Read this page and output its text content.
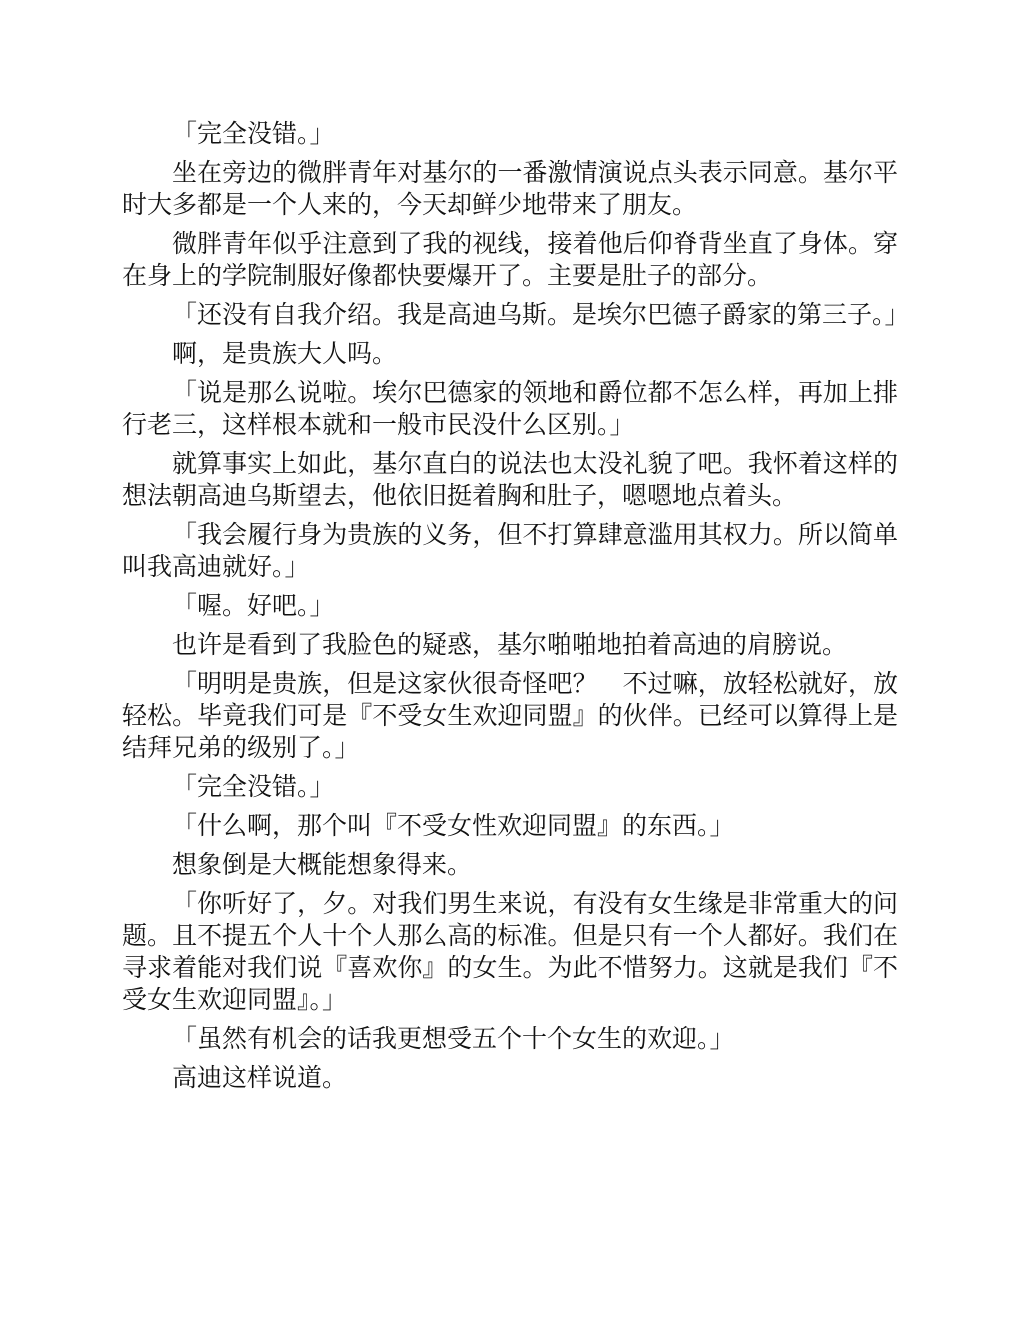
「完全没错。」

坐在旁边的微胖青年对基尔的一番激情演说点头表示同意。基尔平时大多都是一个人来的，今天却鲜少地带来了朋友。

微胖青年似乎注意到了我的视线，接着他后仰脊背坐直了身体。穿在身上的学院制服好像都快要爆开了。主要是肚子的部分。

「还没有自我介绍。我是高迪乌斯。是埃尔巴德子爵家的第三子。」

啊，是贵族大人吗。

「说是那么说啦。埃尔巴德家的领地和爵位都不怎么样，再加上排行老三，这样根本就和一般市民没什么区别。」

就算事实上如此，基尔直白的说法也太没礼貌了吧。我怀着这样的想法朝高迪乌斯望去，他依旧挺着胸和肚子，嗯嗯地点着头。

「我会履行身为贵族的义务，但不打算肆意滥用其权力。所以简单叫我高迪就好。」

「喔。好吧。」

也许是看到了我脸色的疑惑，基尔啪啪地拍着高迪的肩膀说。

「明明是贵族，但是这家伙很奇怪吧？　不过嘛，放轻松就好，放轻松。毕竟我们可是『不受女生欢迎同盟』的伙伴。已经可以算得上是结拜兄弟的级别了。」

「完全没错。」

「什么啊，那个叫『不受女性欢迎同盟』的东西。」

想象倒是大概能想象得来。

「你听好了，夕。对我们男生来说，有没有女生缘是非常重大的问题。且不提五个人十个人那么高的标准。但是只有一个人都好。我们在寻求着能对我们说『喜欢你』的女生。为此不惜努力。这就是我们『不受女生欢迎同盟』。」

「虽然有机会的话我更想受五个十个女生的欢迎。」

高迪这样说道。
